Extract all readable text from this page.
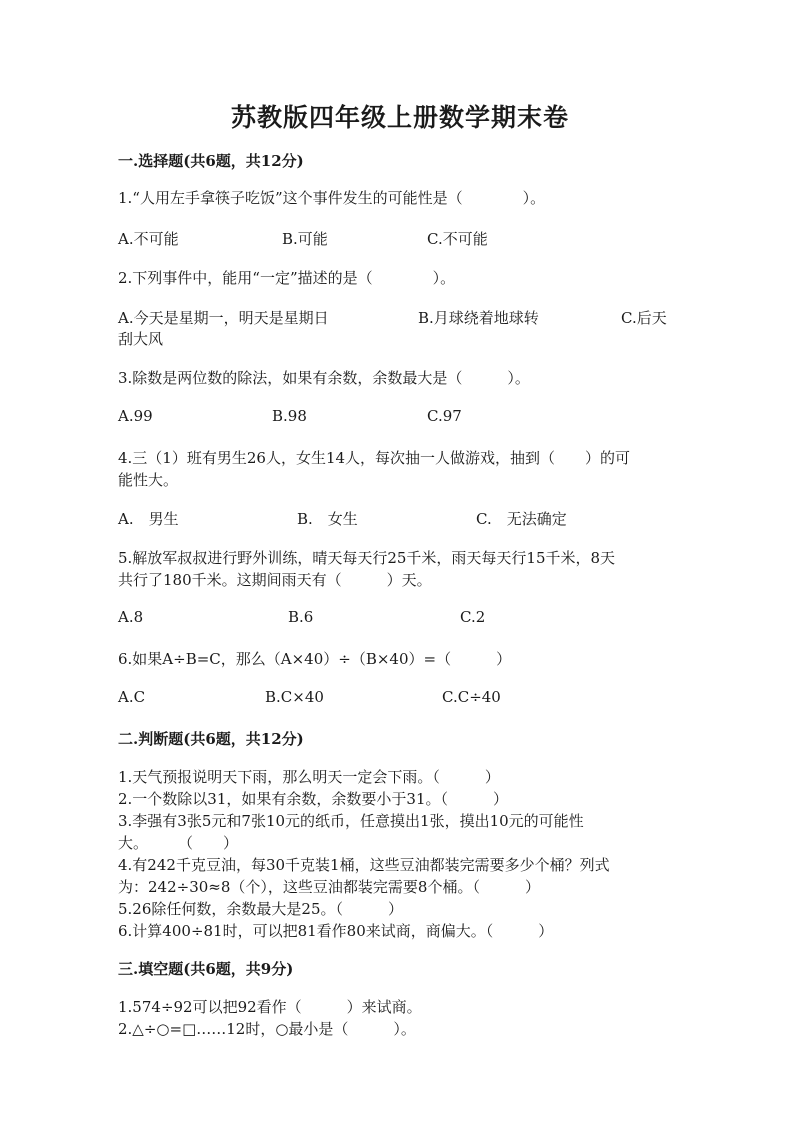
苏教版四年级上册数学期末卷
一.选择题(共6题，共12分)
1.“人用左手拿筷子吃饭”这个事件发生的可能性是（　　　　）。
A.不可能	B.可能	C.不可能
2.下列事件中，能用“一定”描述的是（　　　　）。
A.今天是星期一，明天是星期日	B.月球绕着地球转	C.后天
刮大风
3.除数是两位数的除法，如果有余数，余数最大是（　　　）。
A.99	B.98	C.97
4.三（1）班有男生26人，女生14人，每次抽一人做游戏，抽到（　　）的可
能性大。
A.　男生	B.　女生	C.　无法确定
5.解放军叔叔进行野外训练，晴天每天行25千米，雨天每天行15千米，8天
共行了180千米。这期间雨天有（　　　）天。
A.8	B.6	C.2
6.如果A÷B=C，那么（A×40）÷（B×40）=（　　　）
A.C	B.C×40	C.C÷40
二.判断题(共6题，共12分)
1.天气预报说明天下雨，那么明天一定会下雨。（　　　）
2.一个数除以31，如果有余数，余数要小于31。（　　　）
3.李强有3张5元和7张10元的纸币，任意摸出1张，摸出10元的可能性
大。　　　（　　）
4.有242千克豆油，每30千克装1桶，这些豆油都装完需要多少个桶？列式
为：242÷30≈8（个），这些豆油都装完需要8个桶。（　　　）
5.26除任何数，余数最大是25。（　　　）
6.计算400÷81时，可以把81看作80来试商，商偏大。（　　　）
三.填空题(共6题，共9分)
1.574÷92可以把92看作（　　　）来试商。
2.△÷○=□……12时，○最小是（　　　）。
